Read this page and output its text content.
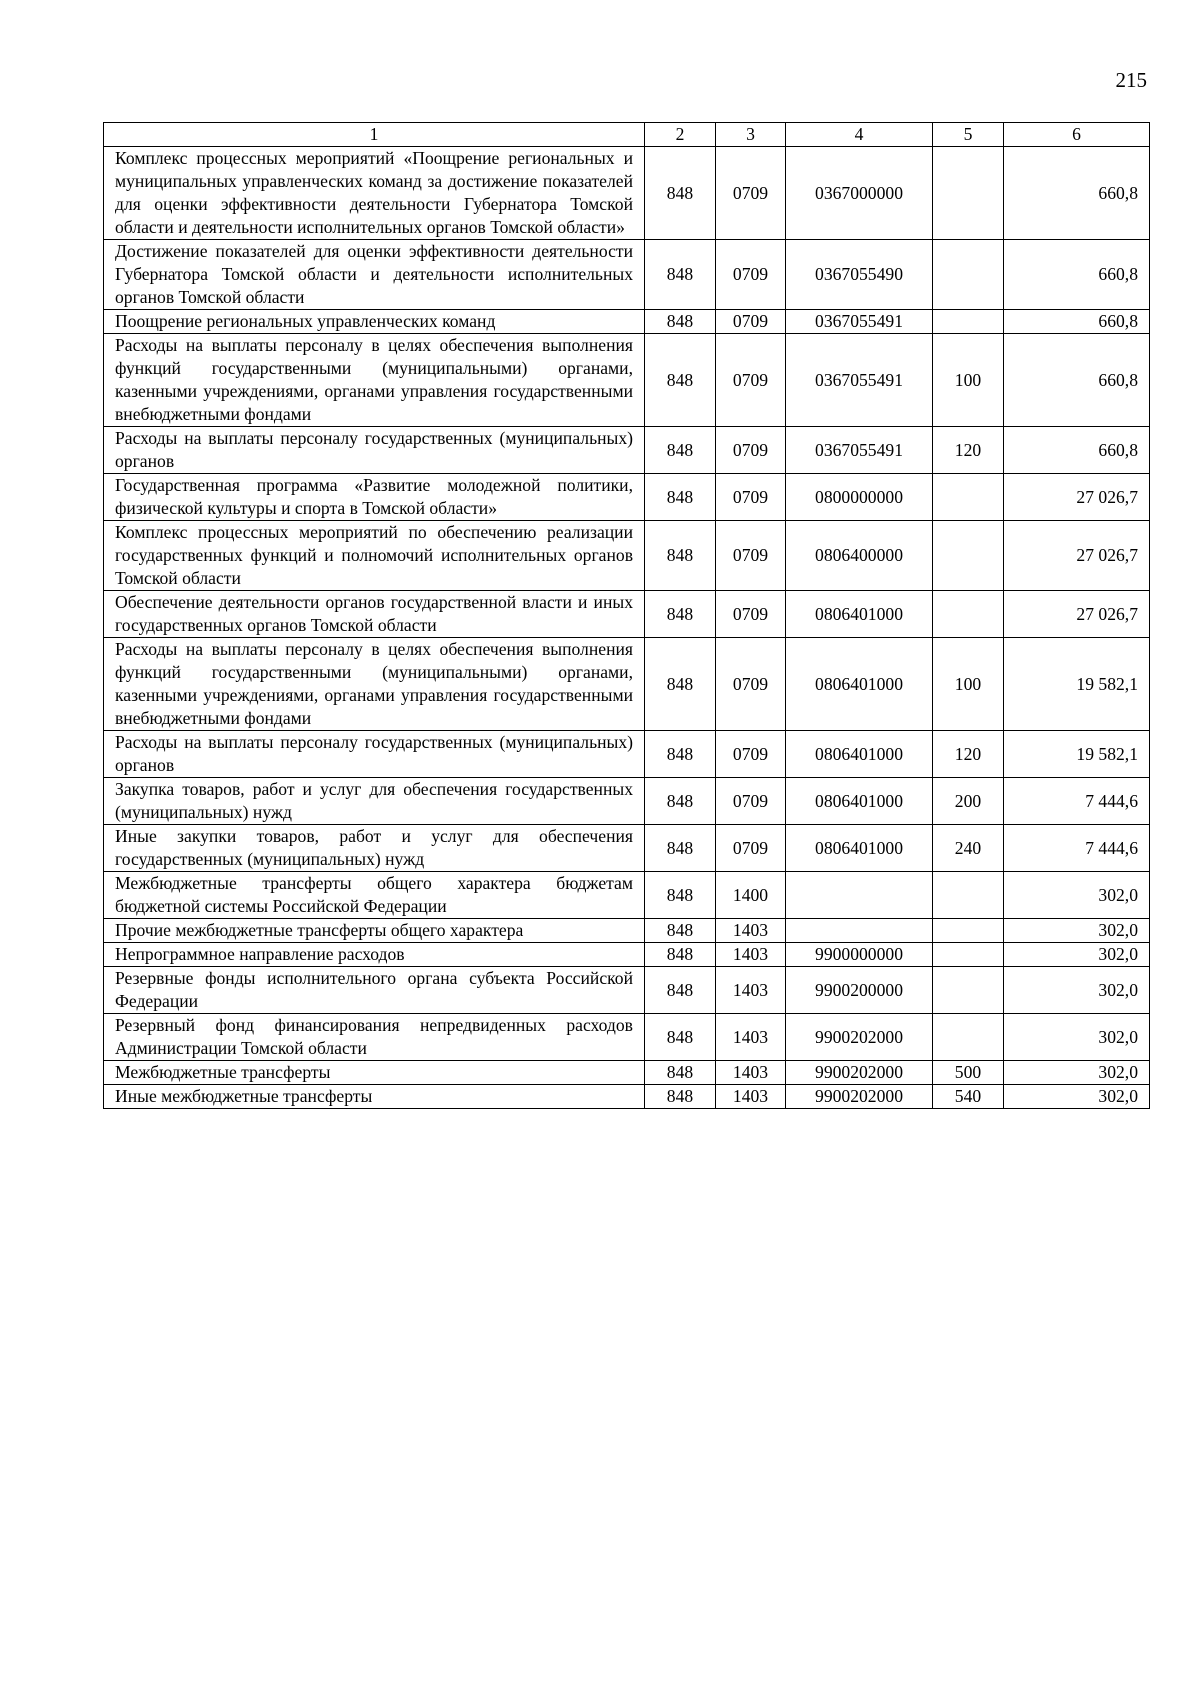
215
1	2	3	4	5	6
Комплекс процессных мероприятий «Поощрение региональных и муниципальных управленческих команд за достижение показателей для оценки эффективности деятельности Губернатора Томской области и деятельности исполнительных органов Томской области»	848	0709	0367000000		660,8
Достижение показателей для оценки эффективности деятельности Губернатора Томской области и деятельности исполнительных органов Томской области	848	0709	0367055490		660,8
Поощрение региональных управленческих команд	848	0709	0367055491		660,8
Расходы на выплаты персоналу в целях обеспечения выполнения функций государственными (муниципальными) органами, казенными учреждениями, органами управления государственными внебюджетными фондами	848	0709	0367055491	100	660,8
Расходы на выплаты персоналу государственных (муниципальных) органов	848	0709	0367055491	120	660,8
Государственная программа «Развитие молодежной политики, физической культуры и спорта в Томской области»	848	0709	0800000000		27 026,7
Комплекс процессных мероприятий по обеспечению реализации государственных функций и полномочий исполнительных органов Томской области	848	0709	0806400000		27 026,7
Обеспечение деятельности органов государственной власти и иных государственных органов Томской области	848	0709	0806401000		27 026,7
Расходы на выплаты персоналу в целях обеспечения выполнения функций государственными (муниципальными) органами, казенными учреждениями, органами управления государственными внебюджетными фондами	848	0709	0806401000	100	19 582,1
Расходы на выплаты персоналу государственных (муниципальных) органов	848	0709	0806401000	120	19 582,1
Закупка товаров, работ и услуг для обеспечения государственных (муниципальных) нужд	848	0709	0806401000	200	7 444,6
Иные закупки товаров, работ и услуг для обеспечения государственных (муниципальных) нужд	848	0709	0806401000	240	7 444,6
Межбюджетные трансферты общего характера бюджетам бюджетной системы Российской Федерации	848	1400			302,0
Прочие межбюджетные трансферты общего характера	848	1403			302,0
Непрограммное направление расходов	848	1403	9900000000		302,0
Резервные фонды исполнительного органа субъекта Российской Федерации	848	1403	9900200000		302,0
Резервный фонд финансирования непредвиденных расходов Администрации Томской области	848	1403	9900202000		302,0
Межбюджетные трансферты	848	1403	9900202000	500	302,0
Иные межбюджетные трансферты	848	1403	9900202000	540	302,0
